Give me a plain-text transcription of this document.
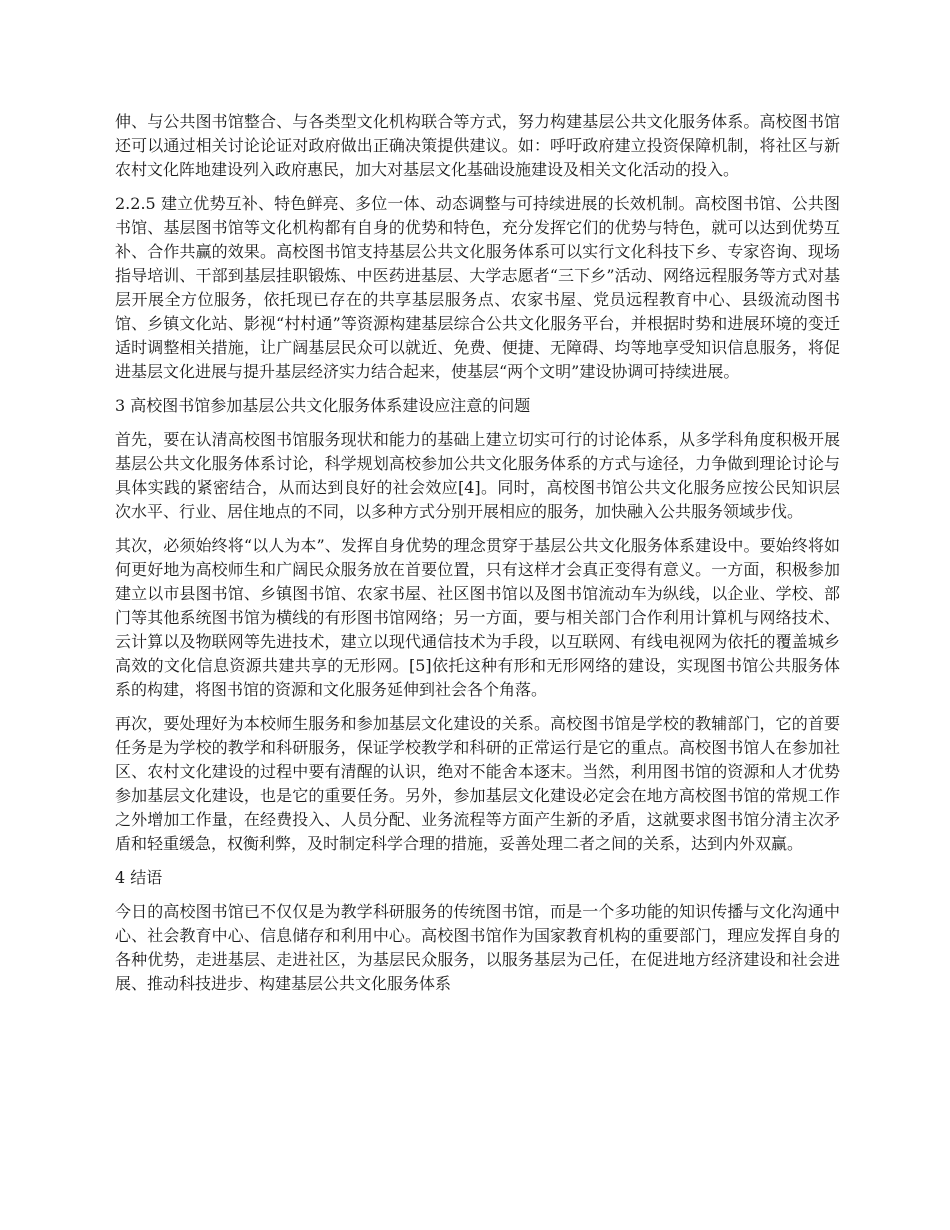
伸、与公共图书馆整合、与各类型文化机构联合等方式，努力构建基层公共文化服务体系。高校图书馆还可以通过相关讨论论证对政府做出正确决策提供建议。如：呼吁政府建立投资保障机制，将社区与新农村文化阵地建设列入政府惠民，加大对基层文化基础设施建设及相关文化活动的投入。

2.2.5 建立优势互补、特色鲜亮、多位一体、动态调整与可持续进展的长效机制。高校图书馆、公共图书馆、基层图书馆等文化机构都有自身的优势和特色，充分发挥它们的优势与特色，就可以达到优势互补、合作共赢的效果。高校图书馆支持基层公共文化服务体系可以实行文化科技下乡、专家咨询、现场指导培训、干部到基层挂职锻炼、中医药进基层、大学志愿者“三下乡”活动、网络远程服务等方式对基层开展全方位服务，依托现已存在的共享基层服务点、农家书屋、党员远程教育中心、县级流动图书馆、乡镇文化站、影视“村村通”等资源构建基层综合公共文化服务平台，并根据时势和进展环境的变迁适时调整相关措施，让广阔基层民众可以就近、免费、便捷、无障碍、均等地享受知识信息服务，将促进基层文化进展与提升基层经济实力结合起来，使基层“两个文明”建设协调可持续进展。

3 高校图书馆参加基层公共文化服务体系建设应注意的问题

首先，要在认清高校图书馆服务现状和能力的基础上建立切实可行的讨论体系，从多学科角度积极开展基层公共文化服务体系讨论，科学规划高校参加公共文化服务体系的方式与途径，力争做到理论讨论与具体实践的紧密结合，从而达到良好的社会效应[4]。同时，高校图书馆公共文化服务应按公民知识层次水平、行业、居住地点的不同，以多种方式分别开展相应的服务，加快融入公共服务领域步伐。

其次，必须始终将“以人为本”、发挥自身优势的理念贯穿于基层公共文化服务体系建设中。要始终将如何更好地为高校师生和广阔民众服务放在首要位置，只有这样才会真正变得有意义。一方面，积极参加建立以市县图书馆、乡镇图书馆、农家书屋、社区图书馆以及图书馆流动车为纵线，以企业、学校、部门等其他系统图书馆为横线的有形图书馆网络；另一方面，要与相关部门合作利用计算机与网络技术、云计算以及物联网等先进技术，建立以现代通信技术为手段，以互联网、有线电视网为依托的覆盖城乡高效的文化信息资源共建共享的无形网。[5]依托这种有形和无形网络的建设，实现图书馆公共服务体系的构建，将图书馆的资源和文化服务延伸到社会各个角落。

再次，要处理好为本校师生服务和参加基层文化建设的关系。高校图书馆是学校的教辅部门，它的首要任务是为学校的教学和科研服务，保证学校教学和科研的正常运行是它的重点。高校图书馆人在参加社区、农村文化建设的过程中要有清醒的认识，绝对不能舍本逐末。当然，利用图书馆的资源和人才优势参加基层文化建设，也是它的重要任务。另外，参加基层文化建设必定会在地方高校图书馆的常规工作之外增加工作量，在经费投入、人员分配、业务流程等方面产生新的矛盾，这就要求图书馆分清主次矛盾和轻重缓急，权衡利弊，及时制定科学合理的措施，妥善处理二者之间的关系，达到内外双赢。

4 结语

今日的高校图书馆已不仅仅是为教学科研服务的传统图书馆，而是一个多功能的知识传播与文化沟通中心、社会教育中心、信息储存和利用中心。高校图书馆作为国家教育机构的重要部门，理应发挥自身的各种优势，走进基层、走进社区，为基层民众服务，以服务基层为己任，在促进地方经济建设和社会进展、推动科技进步、构建基层公共文化服务体系
